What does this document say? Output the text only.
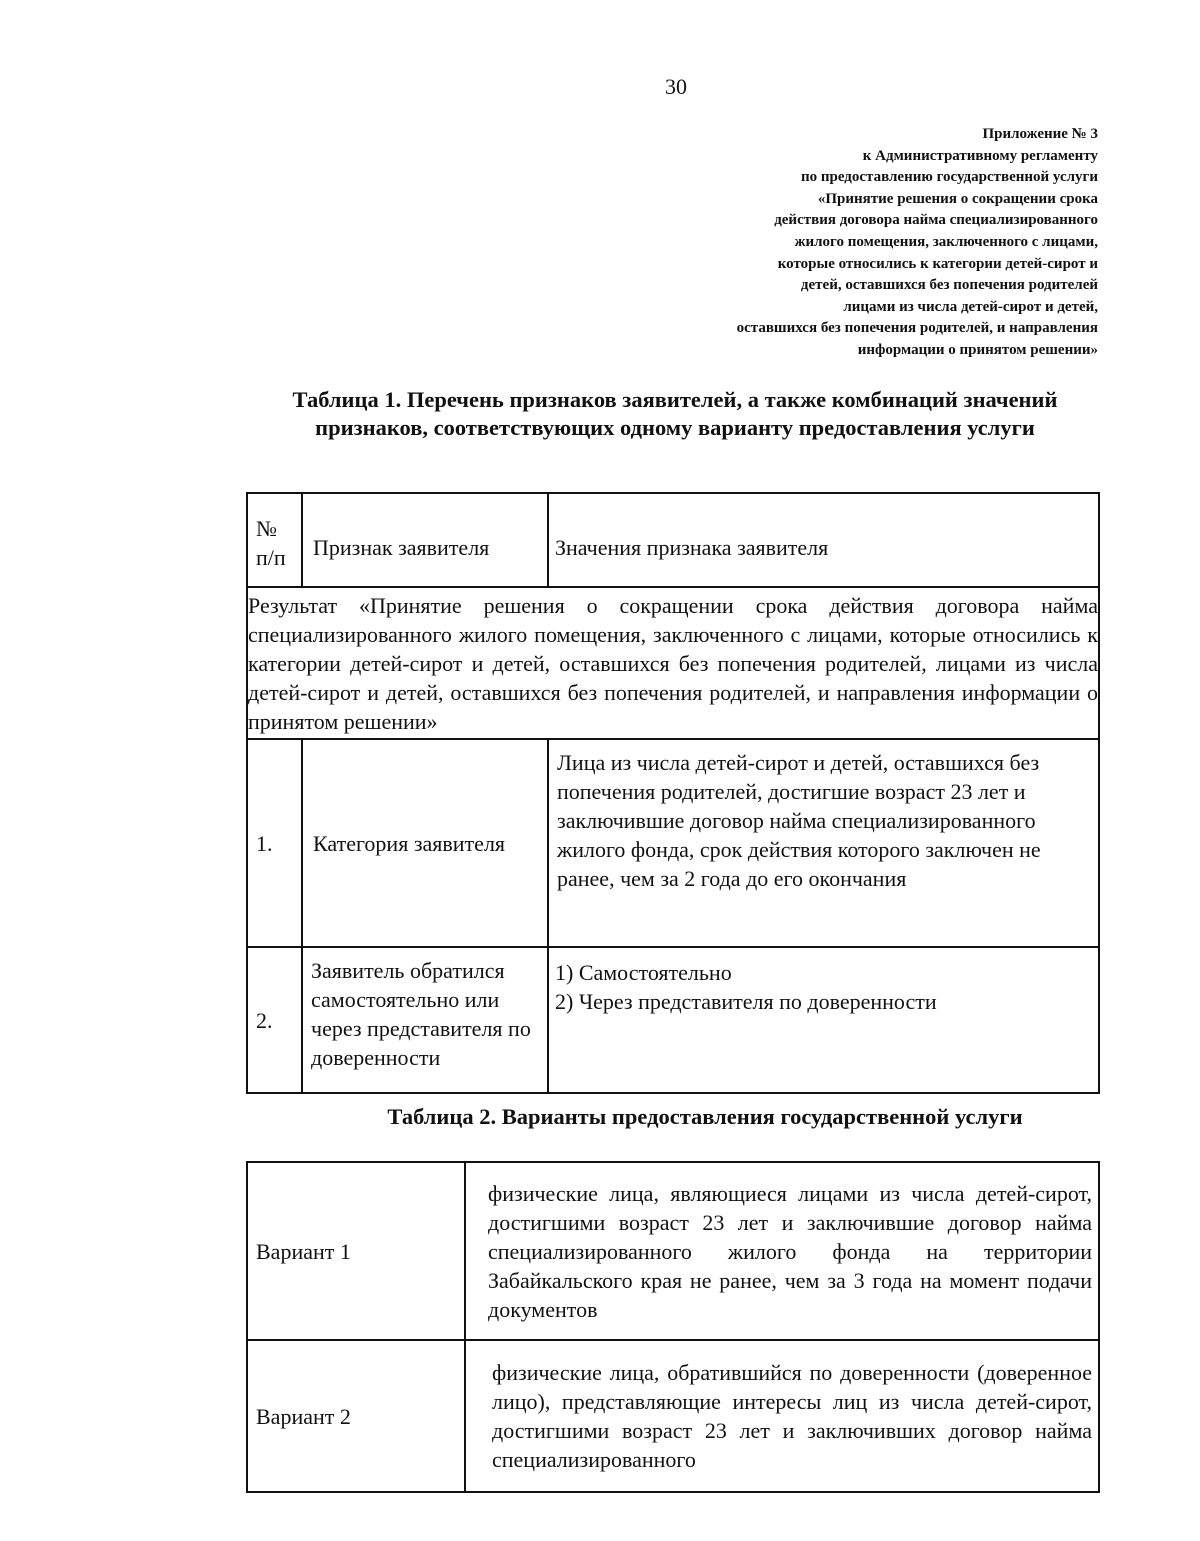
30
Приложение № 3
к Административному регламенту
по предоставлению государственной услуги
«Принятие решения о сокращении срока
действия договора найма специализированного
жилого помещения, заключенного с лицами,
которые относились к категории детей-сирот и
детей, оставшихся без попечения родителей
лицами из числа детей-сирот и детей,
оставшихся без попечения родителей, и направления
информации о принятом решении»
Таблица 1. Перечень признаков заявителей, а также комбинаций значений признаков, соответствующих одному варианту предоставления услуги
№ п/п	Признак заявителя	Значения признака заявителя
Результат «Принятие решения о сокращении срока действия договора найма специализированного жилого помещения, заключенного с лицами, которые относились к категории детей-сирот и детей, оставшихся без попечения родителей, лицами из числа детей-сирот и детей, оставшихся без попечения родителей, и направления информации о принятом решении»		
1.	Категория заявителя	Лица из числа детей-сирот и детей, оставшихся без попечения родителей, достигшие возраст 23 лет и заключившие договор найма специализированного жилого фонда, срок действия которого заключен не ранее, чем за 2 года до его окончания
2.	Заявитель обратился самостоятельно или через представителя по доверенности	1) Самостоятельно
2) Через представителя по доверенности
Таблица 2. Варианты предоставления государственной услуги
Вариант 1	физические лица, являющиеся лицами из числа детей-сирот, достигшими возраст 23 лет и заключившие договор найма специализированного жилого фонда на территории Забайкальского края не ранее, чем за 3 года на момент подачи документов
Вариант 2	физические лица, обратившийся по доверенности (доверенное лицо), представляющие интересы лиц из числа детей-сирот, достигшими возраст 23 лет и заключивших договор найма специализированного
